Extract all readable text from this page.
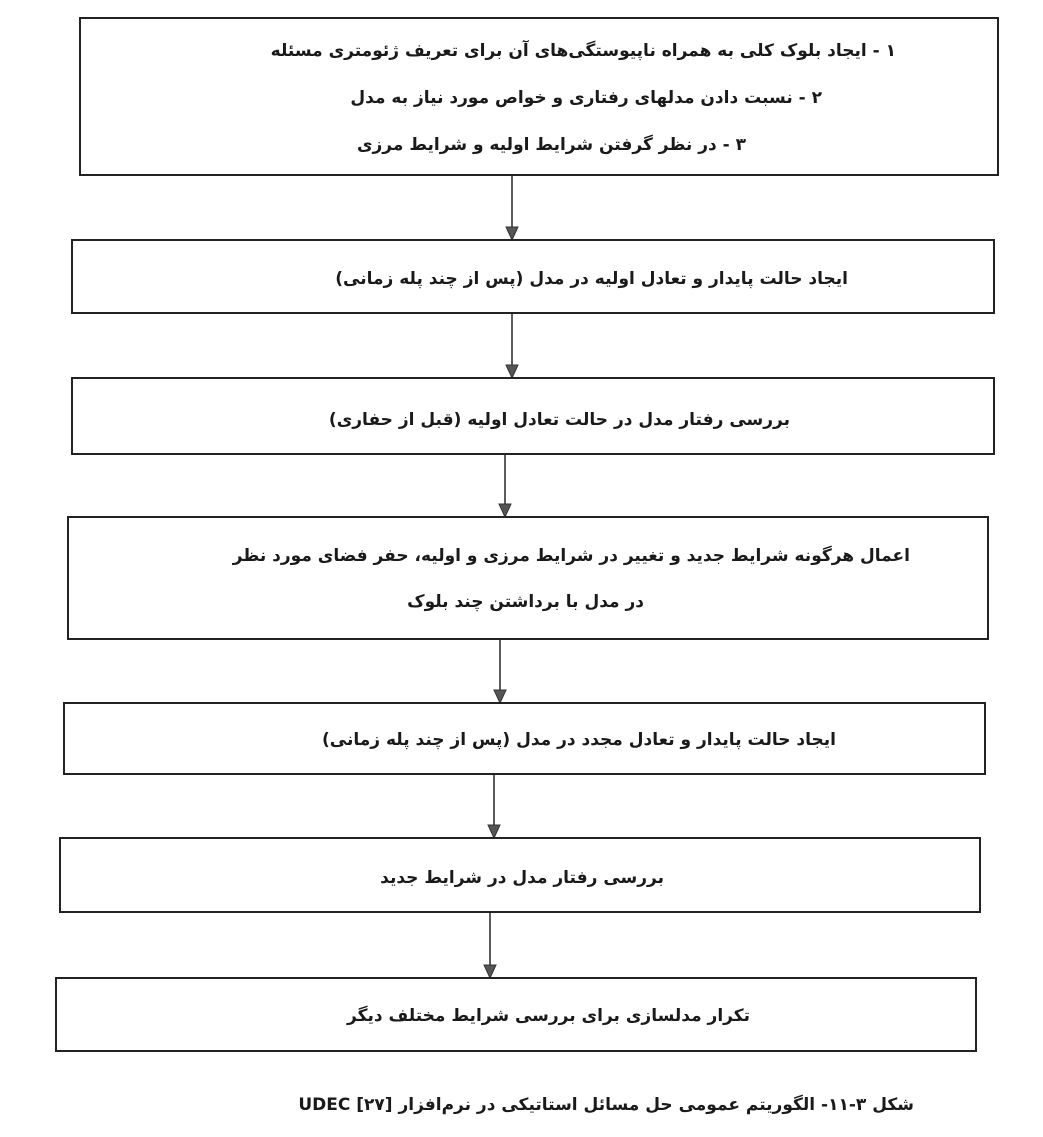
۱ - ایجاد بلوک کلی به همراه ناپیوستگی‌های آن برای تعریف ژئومتری مسئله
۲ - نسبت دادن مدلهای رفتاری و خواص مورد نیاز به مدل
۳ - در نظر گرفتن شرایط اولیه و شرایط مرزی
ایجاد حالت پایدار و تعادل اولیه در مدل (پس از چند پله زمانی)
بررسی رفتار مدل در حالت تعادل اولیه (قبل از حفاری)
اعمال هرگونه شرایط جدید و تغییر در شرایط مرزی و اولیه، حفر فضای مورد نظر
در مدل با برداشتن چند بلوک
ایجاد حالت پایدار و تعادل مجدد در مدل (پس از چند پله زمانی)
بررسی رفتار مدل در شرایط جدید
تکرار مدلسازی برای بررسی شرایط مختلف دیگر
شکل ۳-۱۱- الگوریتم عمومی حل مسائل استاتیکی در نرم‌افزار UDEC [۲۷]
